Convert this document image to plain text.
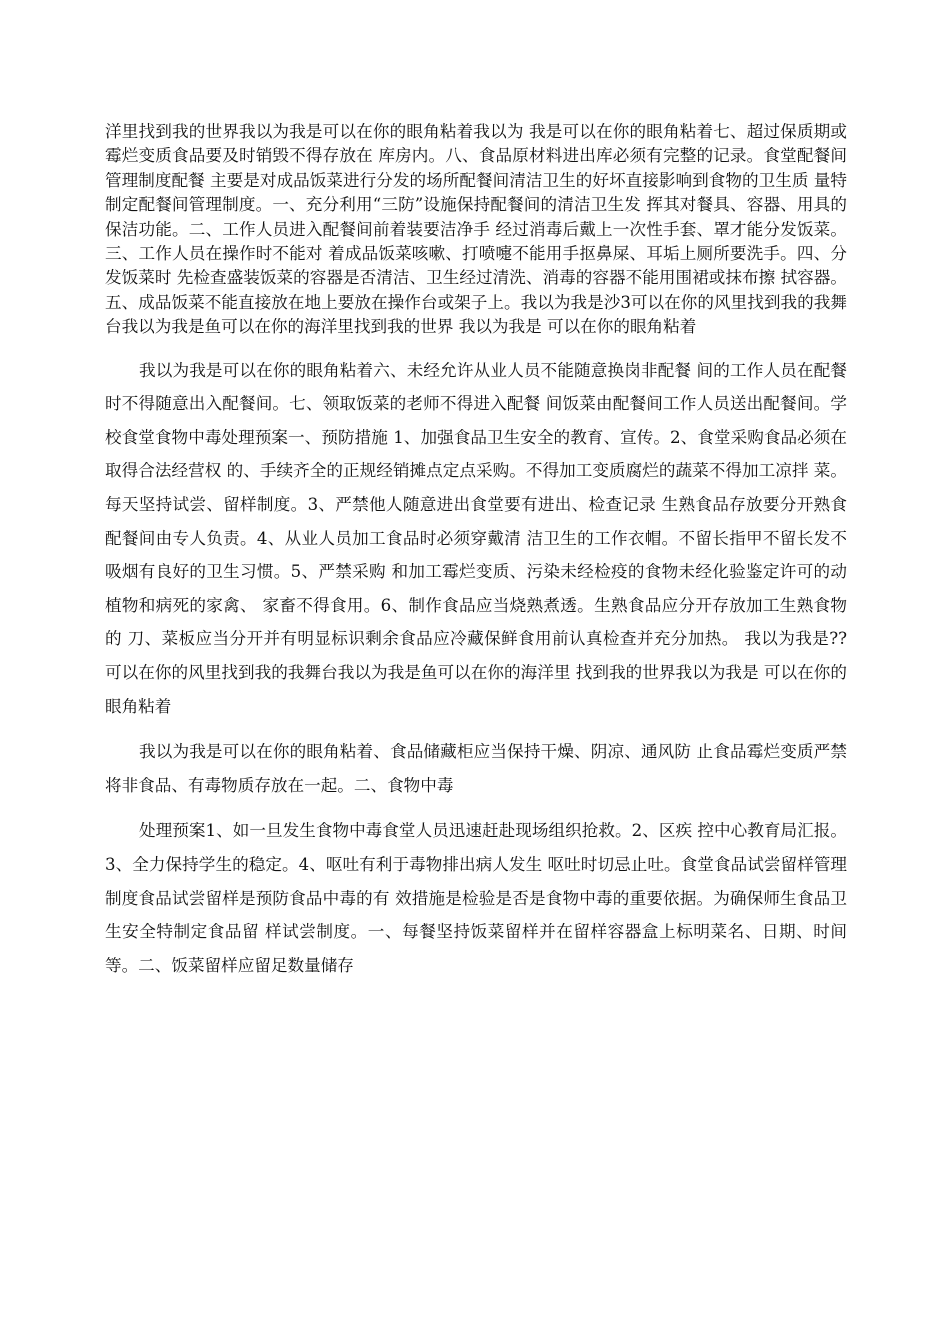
洋里找到我的世界我以为我是可以在你的眼角粘着我以为 我是可以在你的眼角粘着七、超过保质期或霉烂变质食品要及时销毁不得存放在 库房内。八、食品原材料进出库必须有完整的记录。食堂配餐间管理制度配餐 主要是对成品饭菜进行分发的场所配餐间清洁卫生的好坏直接影响到食物的卫生质 量特制定配餐间管理制度。一、充分利用“三防”设施保持配餐间的清洁卫生发 挥其对餐具、容器、用具的保洁功能。二、工作人员进入配餐间前着装要洁净手 经过消毒后戴上一次性手套、罩才能分发饭菜。三、工作人员在操作时不能对 着成品饭菜咳嗽、打喷嚏不能用手抠鼻屎、耳垢上厕所要洗手。四、分发饭菜时 先检查盛装饭菜的容器是否清洁、卫生经过清洗、消毒的容器不能用围裙或抹布擦 拭容器。五、成品饭菜不能直接放在地上要放在操作台或架子上。我以为我是沙3可以在你的风里找到我的我舞台我以为我是鱼可以在你的海洋里找到我的世界 我以为我是 可以在你的眼角粘着

我以为我是可以在你的眼角粘着六、未经允许从业人员不能随意换岗非配餐 间的工作人员在配餐时不得随意出入配餐间。七、领取饭菜的老师不得进入配餐 间饭菜由配餐间工作人员送出配餐间。学校食堂食物中毒处理预案一、预防措施 1、加强食品卫生安全的教育、宣传。2、食堂采购食品必须在取得合法经营权 的、手续齐全的正规经销摊点定点采购。不得加工变质腐烂的蔬菜不得加工凉拌 菜。每天坚持试尝、留样制度。3、严禁他人随意进出食堂要有进出、检查记录 生熟食品存放要分开熟食配餐间由专人负责。4、从业人员加工食品时必须穿戴清 洁卫生的工作衣帽。不留长指甲不留长发不吸烟有良好的卫生习惯。5、严禁采购 和加工霉烂变质、污染未经检疫的食物未经化验鉴定许可的动植物和病死的家禽、 家畜不得食用。6、制作食品应当烧熟煮透。生熟食品应分开存放加工生熟食物的 刀、菜板应当分开并有明显标识剩余食品应冷藏保鲜食用前认真检查并充分加热。 我以为我是?? 可以在你的风里找到我的我舞台我以为我是鱼可以在你的海洋里 找到我的世界我以为我是 可以在你的眼角粘着

我以为我是可以在你的眼角粘着、食品储藏柜应当保持干燥、阴凉、通风防 止食品霉烂变质严禁将非食品、有毒物质存放在一起。二、食物中毒

处理预案1、如一旦发生食物中毒食堂人员迅速赶赴现场组织抢救。2、区疾 控中心教育局汇报。3、全力保持学生的稳定。4、呕吐有利于毒物排出病人发生 呕吐时切忌止吐。食堂食品试尝留样管理制度食品试尝留样是预防食品中毒的有 效措施是检验是否是食物中毒的重要依据。为确保师生食品卫生安全特制定食品留 样试尝制度。一、每餐坚持饭菜留样并在留样容器盒上标明菜名、日期、时间 等。二、饭菜留样应留足数量储存
